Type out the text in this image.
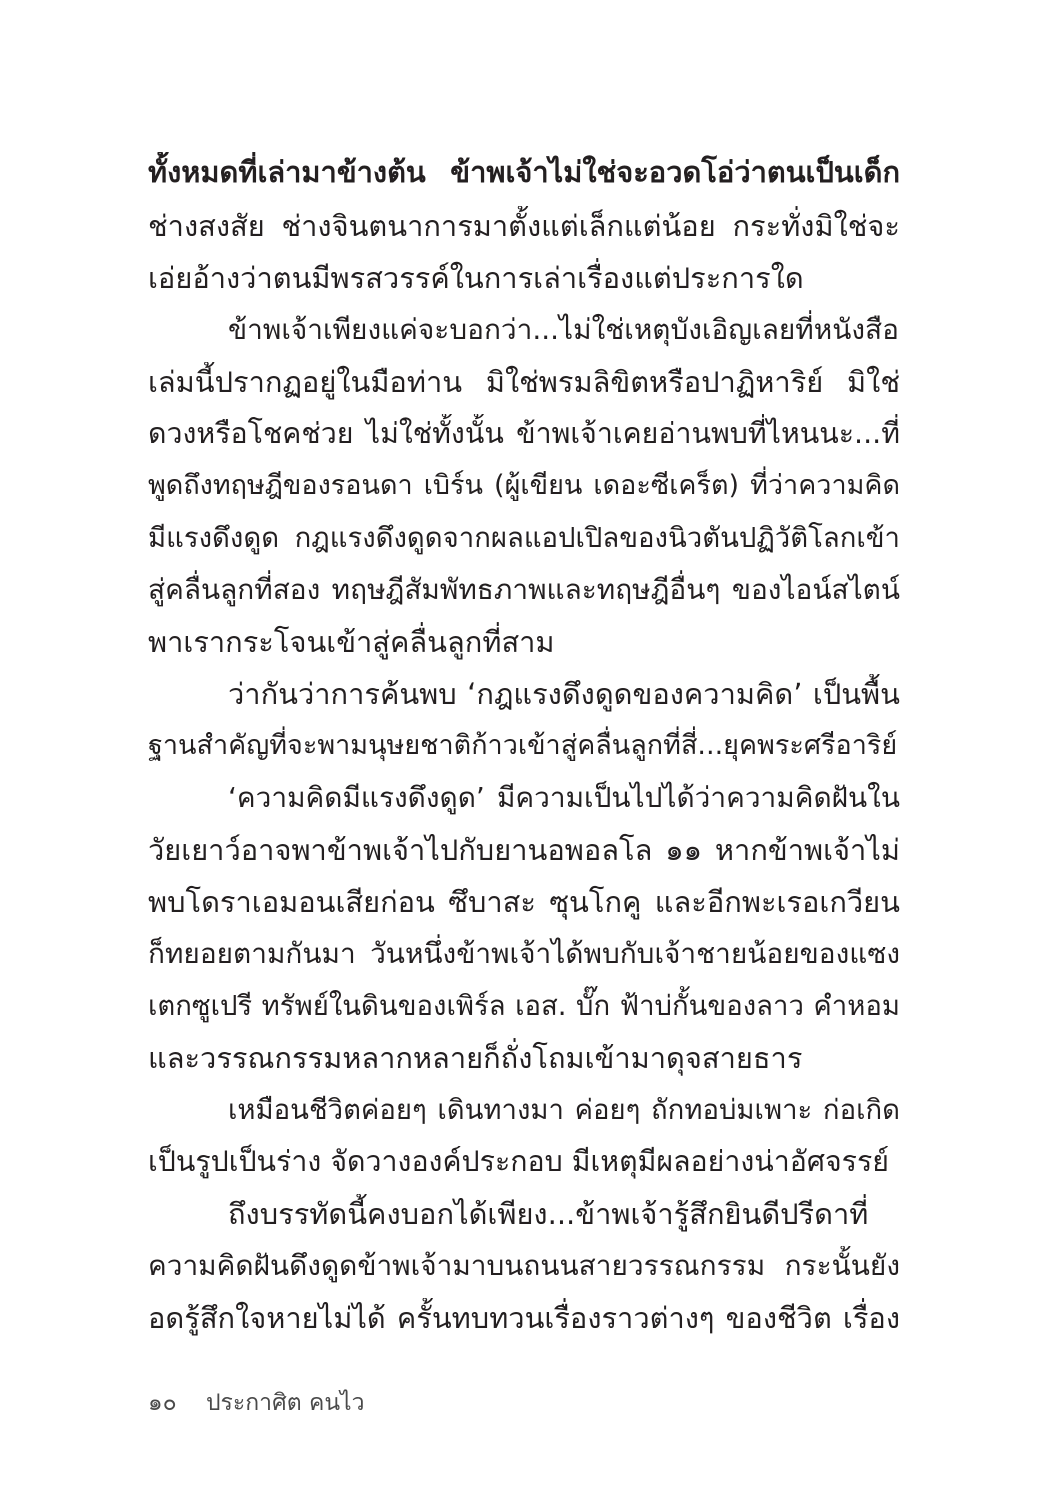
ทั้งหมดที่เล่ามาข้างต้น ข้าพเจ้าไม่ใช่จะอวดโอ่ว่าตนเป็นเด็ก
ช่างสงสัย ช่างจินตนาการมาตั้งแต่เล็กแต่น้อย กระทั่งมิใช่จะ
เอ่ยอ้างว่าตนมีพรสวรรค์ในการเล่าเรื่องแต่ประการใด
ข้าพเจ้าเพียงแค่จะบอกว่า...ไม่ใช่เหตุบังเอิญเลยที่หนังสือ
เล่มนี้ปรากฏอยู่ในมือท่าน มิใช่พรมลิขิตหรือปาฏิหาริย์ มิใช่
ดวงหรือโชคช่วย ไม่ใช่ทั้งนั้น ข้าพเจ้าเคยอ่านพบที่ไหนนะ...ที่
พูดถึงทฤษฎีของรอนดา เบิร์น (ผู้เขียน เดอะซีเคร็ต) ที่ว่าความคิด
มีแรงดึงดูด กฎแรงดึงดูดจากผลแอปเปิลของนิวตันปฏิวัติโลกเข้า
สู่คลื่นลูกที่สอง ทฤษฎีสัมพัทธภาพและทฤษฎีอื่นๆ ของไอน์สไตน์
พาเรากระโจนเข้าสู่คลื่นลูกที่สาม
ว่ากันว่าการค้นพบ ‘กฎแรงดึงดูดของความคิด’ เป็นพื้น
ฐานสำคัญที่จะพามนุษยชาติก้าวเข้าสู่คลื่นลูกที่สี่...ยุคพระศรีอาริย์
‘ความคิดมีแรงดึงดูด’ มีความเป็นไปได้ว่าความคิดฝันใน
วัยเยาว์อาจพาข้าพเจ้าไปกับยานอพอลโล ๑๑ หากข้าพเจ้าไม่
พบโดราเอมอนเสียก่อน ซึบาสะ ซุนโกคู และอีกพะเรอเกวียน
ก็ทยอยตามกันมา วันหนึ่งข้าพเจ้าได้พบกับเจ้าชายน้อยของแซง
เตกซูเปรี ทรัพย์ในดินของเพิร์ล เอส. บั๊ก ฟ้าบ่กั้นของลาว คำหอม
และวรรณกรรมหลากหลายก็ถั่งโถมเข้ามาดุจสายธาร
เหมือนชีวิตค่อยๆ เดินทางมา ค่อยๆ ถักทอบ่มเพาะ ก่อเกิด
เป็นรูปเป็นร่าง จัดวางองค์ประกอบ มีเหตุมีผลอย่างน่าอัศจรรย์
ถึงบรรทัดนี้คงบอกได้เพียง...ข้าพเจ้ารู้สึกยินดีปรีดาที่
ความคิดฝันดึงดูดข้าพเจ้ามาบนถนนสายวรรณกรรม กระนั้นยัง
อดรู้สึกใจหายไม่ได้ ครั้นทบทวนเรื่องราวต่างๆ ของชีวิต เรื่อง
๑๐ ประกาศิต คนไว
